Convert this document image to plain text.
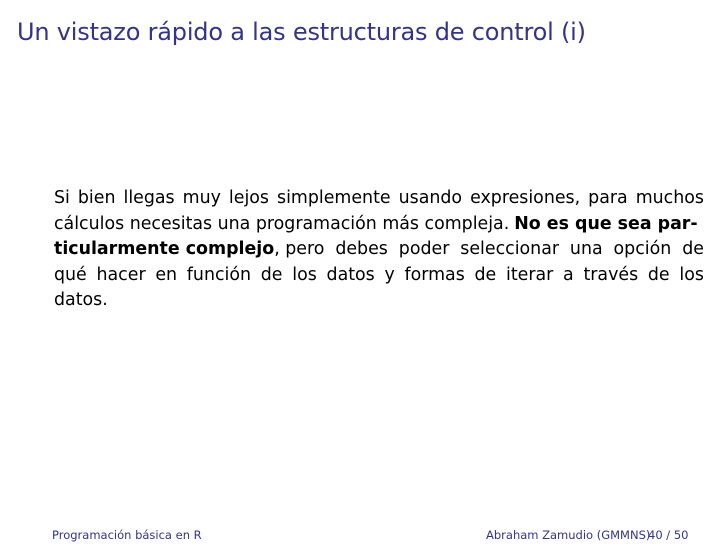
Un vistazo rápido a las estructuras de control (i)
Si bien llegas muy lejos simplemente usando expresiones, para muchos
cálculos necesitas una programación más compleja. No es que sea par-
ticularmente complejo, pero debes poder seleccionar una opción de
qué hacer en función de los datos y formas de iterar a través de los
datos.
Programación básica en R	Abraham Zamudio (GMMNS)
40 / 50
